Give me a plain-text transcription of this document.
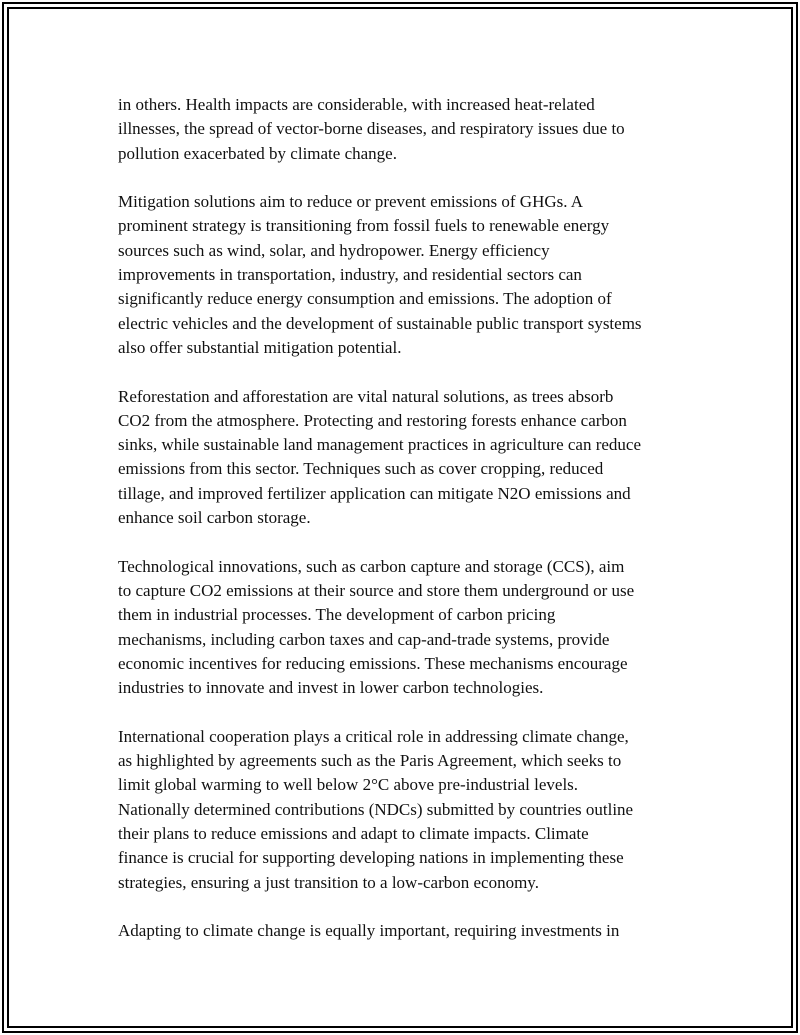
in others. Health impacts are considerable, with increased heat-related
illnesses, the spread of vector-borne diseases, and respiratory issues due to
pollution exacerbated by climate change.

Mitigation solutions aim to reduce or prevent emissions of GHGs. A
prominent strategy is transitioning from fossil fuels to renewable energy
sources such as wind, solar, and hydropower. Energy efficiency
improvements in transportation, industry, and residential sectors can
significantly reduce energy consumption and emissions. The adoption of
electric vehicles and the development of sustainable public transport systems
also offer substantial mitigation potential.

Reforestation and afforestation are vital natural solutions, as trees absorb
CO2 from the atmosphere. Protecting and restoring forests enhance carbon
sinks, while sustainable land management practices in agriculture can reduce
emissions from this sector. Techniques such as cover cropping, reduced
tillage, and improved fertilizer application can mitigate N2O emissions and
enhance soil carbon storage.

Technological innovations, such as carbon capture and storage (CCS), aim
to capture CO2 emissions at their source and store them underground or use
them in industrial processes. The development of carbon pricing
mechanisms, including carbon taxes and cap-and-trade systems, provide
economic incentives for reducing emissions. These mechanisms encourage
industries to innovate and invest in lower carbon technologies.

International cooperation plays a critical role in addressing climate change,
as highlighted by agreements such as the Paris Agreement, which seeks to
limit global warming to well below 2°C above pre-industrial levels.
Nationally determined contributions (NDCs) submitted by countries outline
their plans to reduce emissions and adapt to climate impacts. Climate
finance is crucial for supporting developing nations in implementing these
strategies, ensuring a just transition to a low-carbon economy.

Adapting to climate change is equally important, requiring investments in
